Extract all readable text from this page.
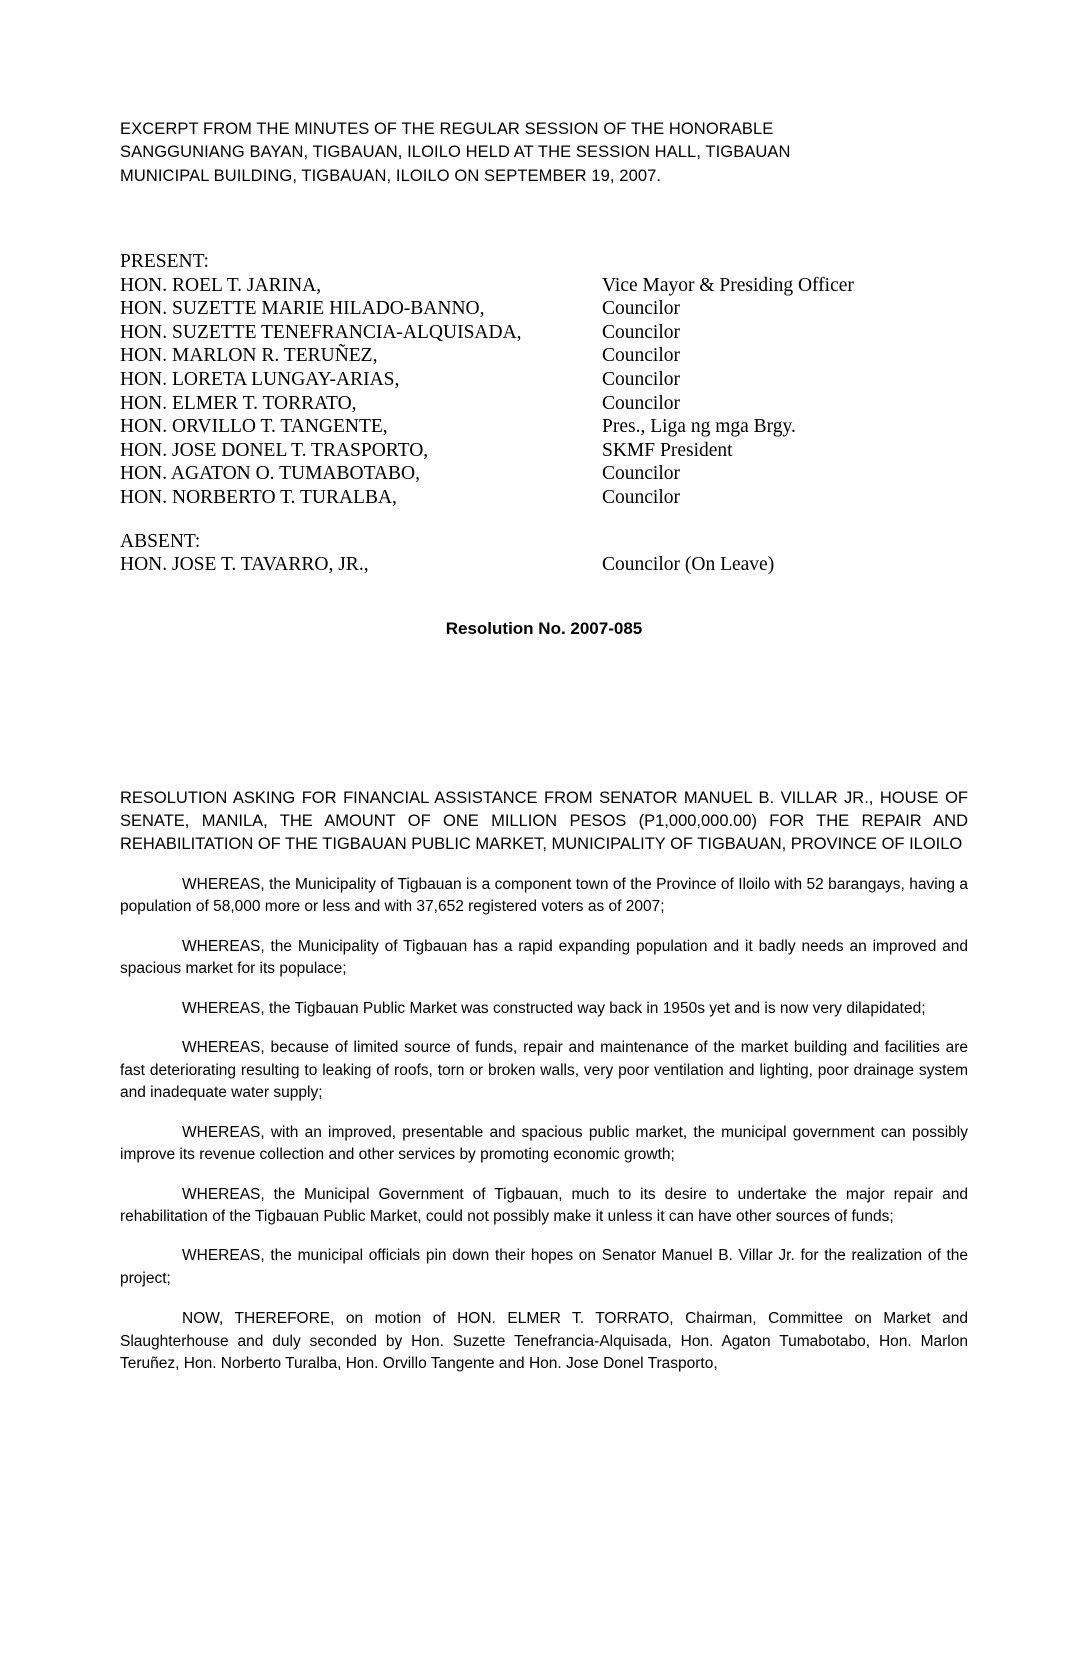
EXCERPT FROM THE MINUTES OF THE REGULAR SESSION OF THE HONORABLE
SANGGUNIANG BAYAN, TIGBAUAN, ILOILO HELD AT THE SESSION HALL, TIGBAUAN
MUNICIPAL BUILDING, TIGBAUAN, ILOILO ON SEPTEMBER 19, 2007.
PRESENT:
HON. ROEL T. JARINA,	Vice Mayor & Presiding Officer
HON. SUZETTE MARIE HILADO-BANNO,	Councilor
HON. SUZETTE TENEFRANCIA-ALQUISADA,	Councilor
HON. MARLON R. TERUÑEZ,	Councilor
HON. LORETA LUNGAY-ARIAS,	Councilor
HON. ELMER T. TORRATO,	Councilor
HON. ORVILLO T. TANGENTE,	Pres., Liga ng mga Brgy.
HON. JOSE DONEL T. TRASPORTO,	SKMF President
HON. AGATON O. TUMABOTABO,	Councilor
HON. NORBERTO T. TURALBA,	Councilor
ABSENT:
HON. JOSE T. TAVARRO, JR.,	Councilor (On Leave)
Resolution No. 2007-085
RESOLUTION ASKING FOR FINANCIAL ASSISTANCE FROM SENATOR MANUEL B. VILLAR JR., HOUSE OF SENATE, MANILA, THE AMOUNT OF ONE MILLION PESOS (P1,000,000.00) FOR THE REPAIR AND REHABILITATION OF THE TIGBAUAN PUBLIC MARKET, MUNICIPALITY OF TIGBAUAN, PROVINCE OF ILOILO
WHEREAS, the Municipality of Tigbauan is a component town of the Province of Iloilo with 52 barangays, having a population of 58,000 more or less and with 37,652 registered voters as of 2007;
WHEREAS, the Municipality of Tigbauan has a rapid expanding population and it badly needs an improved and spacious market for its populace;
WHEREAS, the Tigbauan Public Market was constructed way back in 1950s yet and is now very dilapidated;
WHEREAS, because of limited source of funds, repair and maintenance of the market building and facilities are fast deteriorating resulting to leaking of roofs, torn or broken walls, very poor ventilation and lighting, poor drainage system and inadequate water supply;
WHEREAS, with an improved, presentable and spacious public market, the municipal government can possibly improve its revenue collection and other services by promoting economic growth;
WHEREAS, the Municipal Government of Tigbauan, much to its desire to undertake the major repair and rehabilitation of the Tigbauan Public Market, could not possibly make it unless it can have other sources of funds;
WHEREAS, the municipal officials pin down their hopes on Senator Manuel B. Villar Jr. for the realization of the project;
NOW, THEREFORE, on motion of HON. ELMER T. TORRATO, Chairman, Committee on Market and Slaughterhouse and duly seconded by Hon. Suzette Tenefrancia-Alquisada, Hon. Agaton Tumabotabo, Hon. Marlon Teruñez, Hon. Norberto Turalba, Hon. Orvillo Tangente and Hon. Jose Donel Trasporto,
